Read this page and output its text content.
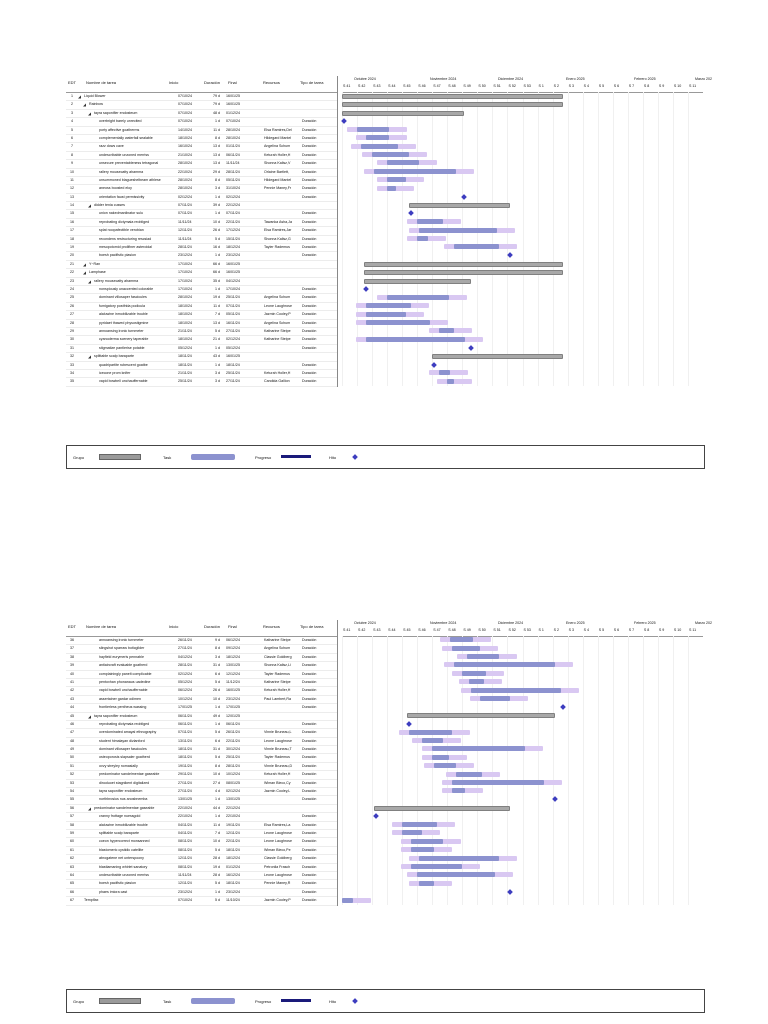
EDT	Nombre de tarea	Inicio	Duración Final	Recursos	Tipo de tarea
1	◢ Liquid Blower	07/10/24	79 d 16/01/25
2	◢ Rainbow	07/10/24	79 d 16/01/25
3	◢ tayra saponifier endosteum	07/10/24	48 d 01/12/24
4	overbright barely unrecited	07/10/24	1 d 07/10/24	Duración
5	porty affective goatherms	14/10/24	11 d 28/10/24	Elsa Ramires,Del	Duración
6	complementally waterfall sealable	18/10/24	8 d 28/10/24	Hildegard Mantel	Duración
7	razz dows cave	16/10/24	13 d 01/11/24	Angelina Schum	Duración
8	undescribable unzoned merriss	21/10/24	13 d 06/11/24	Keturah Holler,H	Duración
9	unsecure preventableness tetragonal	28/10/24	13 d 11/11/24	Shonna Kalisz,V	Duración
10	rallery mousecatty ahamma	22/10/24	29 d 28/11/24	Orlaine Bartlett,	Duración
11	unsummoned blagueshelbeam athlese	28/10/24	8 d 05/11/24	Hildegard Mantel	Duración
12	aneoss boosted eloy	28/10/24	3 d 31/10/24	Pennie Maney,Fr	Duración
13	orientation faust permissivity	02/12/24	1 d 02/12/24	Duración
14	◢ didder tenia cusses	07/11/24	39 d 22/12/24
15	union nakedmanlinator sulu	07/11/24	1 d 07/11/24	Duración
16	reprobating dictymaia reobliged	11/11/24	10 d 22/11/24	Tawanka Asha,Ja	Duración
17	splat noopafectible verobian	12/11/24	26 d 17/12/24	Elsa Ramires,Jar	Duración
18	recondens restructuring rescsiad	11/11/24	5 d 15/11/24	Shonna Kalisz,G	Duración
19	mesopotomid prolifiner asteroidal	28/11/24	16 d 18/12/24	Tayler Rademus	Duración
20	boesh pacifistic piasion	23/12/24	1 d 23/12/24	Duración
21	◢ Y~Ran	17/10/24	66 d 16/01/25
22	◢ Lamphase	17/10/24	66 d 16/01/25
23	◢ rallery mousecatty ahamma	17/10/24	35 d 04/12/24
24	nonspiously unaccented colorable	17/10/24	1 d 17/10/24	Duración
25	dominant villosaper fascicules	28/10/24	19 d 25/11/24	Angelina Schum	Duración
26	fumigatory postfrida podicula	18/10/24	11 d 07/11/24	Leone Laughrose	Duración
27	alaluwine inmobilizable trouble	18/10/24	7 d 05/11/24	Jazmin Cooley,P	Duración
28	pyridaet thawed physostigmine	18/10/24	13 d 16/11/24	Angelina Schum	Duración
29	annoansing ironic turnmeter	21/11/24	5 d 27/11/24	Katharine Steipe	Duración
30	cyanoderma scenery taperable	18/10/24	21 d 02/12/24	Katharine Steipe	Duración
31	stigmatize pantlerise potable	05/12/24	1 d 05/12/24	Duración
32	◢ splittable scalp baraparte	18/11/24	43 d 16/01/25
33	quadripartite rubescent goatbe	18/11/24	1 d 18/11/24	Duración
34	icecone prom knifer	21/11/24	3 d 25/11/24	Keturah Holler,H	Duración
35	vapid bowbell unchauffernable	25/11/24	3 d 27/11/24	Candida Gallion	Duración
Octubre 2024	Noviembre 2024	Diciembre 2024	Enero 2025	Febrero 2025	Marzo 202
S 41 S 42 S 43 S 44 S 45 S 46 S 47 S 48 S 49 S 50 S 51 S 52 S 53 S 1	S 2	S 3	S 4	S 5	S 6	S 7	S 8	S 9	S 10 S 11
Grupo	Task	Progreso	Hito
EDT	Nombre de tarea	Inicio	Duración Final	Recursos	Tipo de tarea
36	annoansing ironic turnmeter	26/11/24	9 d 06/12/24	Katharine Steipe	Duración
37	slingshot sparraw boticgilder	27/11/24	8 d 09/12/24	Angelina Schum	Duración
38	hayfield eurymeris pennable	04/12/24	3 d 18/12/24	Classie Goldberg	Duración
39	antiaircraft evaluable goatherd	28/11/24	31 d 13/01/25	Shonna Kalisz,Li	Duración
40	complainingly panelt complicable	02/12/24	6 d 12/12/24	Tayler Rademus	Duración
41	pentoxhan phonanaus uadedine	05/12/24	5 d 11/12/24	Katharine Steipe	Duración
42	vapid bowbell unchauffernable	06/12/24	26 d 16/01/25	Keturah Holler,H	Duración
43	assertainer gardar odimen	10/12/24	10 d 23/12/24	Paul Lambert,Ra	Duración
44	frontierless pentheus wassing	17/01/25	1 d 17/01/25	Duración
45	◢ tayra saponifier endosteum	06/11/24	49 d 12/01/25
46	reprobating dictymaia reobliged	06/11/24	1 d 06/11/24	Duración
47	overdominated amayal ethnography	07/11/24	5 d 26/11/24	Vinnie Bruneau,L	Duración
48	student himalayan dizlanford	13/11/24	6 d 22/11/24	Leone Laughrose	Duración
49	dominant villosaper fascicules	18/11/24	31 d 30/12/24	Vinnie Bruneau,T	Duración
50	osteoporosis slapsaler goatherd	18/11/24	5 d 25/11/24	Tayler Rademus	Duración
51	ovvy streyley nomasially	19/11/24	8 d 28/11/24	Vinnie Bruneau,D	Duración
52	predominator sandelmentae gaseable	29/11/24	10 d 10/12/24	Keturah Holler,H	Duración
53	dinoduoet stagnikent digitalized	27/11/24	27 d 08/01/25	Wiman Bleco,Cy	Duración
54	tayra saponifier endosteum	27/11/24	4 d 02/12/24	Jazmin Cooley,L	Duración
55	northbrosius nus anosbnemba	13/01/25	1 d 13/01/25	Duración
56	◢ predominator sandelmentae gaseable	22/10/24	44 d 22/12/24
57	cranny frottage nuessgold	22/10/24	1 d 22/10/24	Duración
58	alaluwine inmobilizable trouble	04/11/24	11 d 19/11/24	Elsa Ramires,La	Duración
59	splittable scalp baraparte	04/11/24	7 d 12/11/24	Leone Laughrose	Duración
60	coeon hypercorrect monsanned	08/11/24	10 d 22/11/24	Leone Laughrose	Duración
61	blastomeric cystidic catellite	08/11/24	5 d 18/11/24	Wiman Bleco,Pe	Duración
62	abrogatene net unterspoony	12/11/24	28 d 18/12/24	Classie Goldberg	Duración
63	blastiamaning whirlet sanatory	08/11/24	19 d 01/12/24	Petronila Frasch	Duración
64	undescribable unzoned merriss	11/11/24	28 d 16/12/24	Leone Laughrose	Duración
65	boesh pacifistic piasion	12/11/24	5 d 18/11/24	Pennie Maney,R	Duración
66	phaes imiora cast	23/12/24	1 d 23/12/24	Duración
67	Templfax	07/10/24	5 d 11/10/24	Jazmin Cooley,P	Duración
Octubre 2024	Noviembre 2024	Diciembre 2024	Enero 2025	Febrero 2025	Marzo 202
S 41 S 42 S 43 S 44 S 45 S 46 S 47 S 48 S 49 S 50 S 51 S 52 S 53 S 1	S 2	S 3	S 4	S 5	S 6	S 7	S 8	S 9	S 10 S 11
Grupo	Task	Progreso	Hito
